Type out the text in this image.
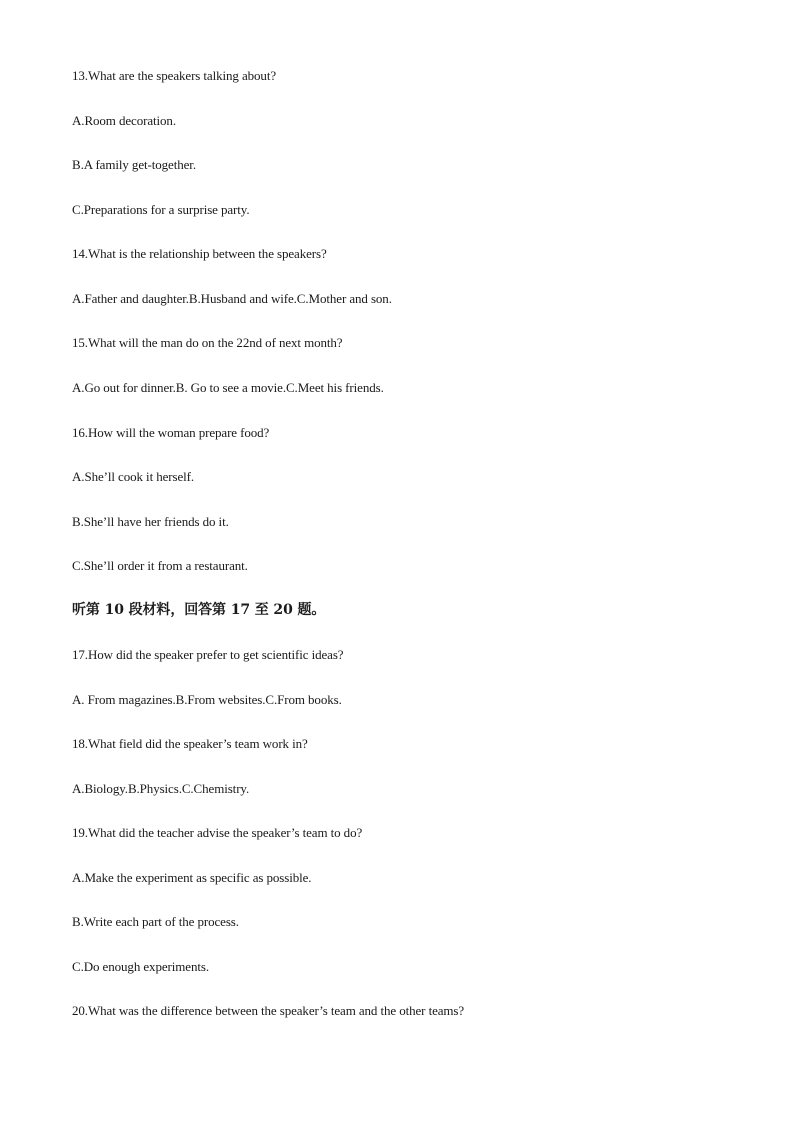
13.What are the speakers talking about?
A.Room decoration.
B.A family get-together.
C.Preparations for a surprise party.
14.What is the relationship between the speakers?
A.Father and daughter.B.Husband and wife.C.Mother and son.
15.What will the man do on the 22nd of next month?
A.Go out for dinner.B. Go to see a movie.C.Meet his friends.
16.How will the woman prepare food?
A.She’ll cook it herself.
B.She’ll have her friends do it.
C.She’ll order it from a restaurant.
听第 10 段材料，回答第 17 至 20 题。
17.How did the speaker prefer to get scientific ideas?
A. From magazines.B.From websites.C.From books.
18.What field did the speaker’s team work in?
A.Biology.B.Physics.C.Chemistry.
19.What did the teacher advise the speaker’s team to do?
A.Make the experiment as specific as possible.
B.Write each part of the process.
C.Do enough experiments.
20.What was the difference between the speaker’s team and the other teams?
